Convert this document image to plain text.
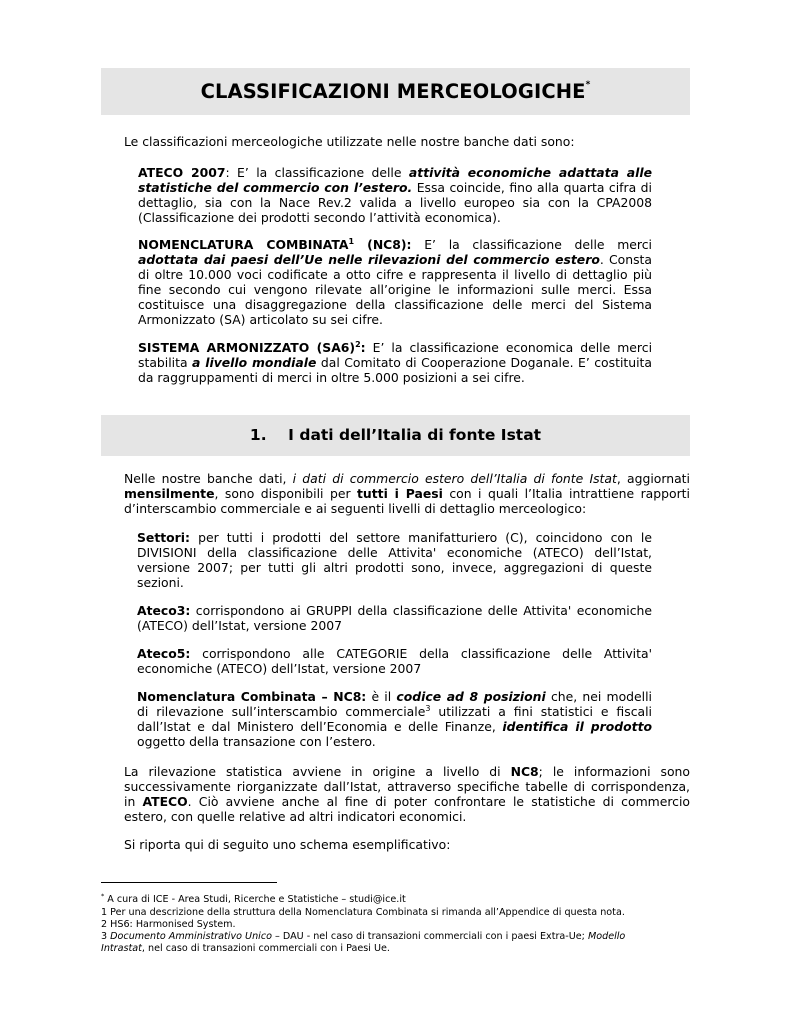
CLASSIFICAZIONI MERCEOLOGICHE*
Le classificazioni merceologiche utilizzate nelle nostre banche dati sono:
ATECO 2007: E’ la classificazione delle attività economiche adattata alle statistiche del commercio con l’estero. Essa coincide, fino alla quarta cifra di dettaglio, sia con la Nace Rev.2 valida a livello europeo sia con la CPA2008 (Classificazione dei prodotti secondo l’attività economica).
NOMENCLATURA COMBINATA$^1$ (NC8): E’ la classificazione delle merci adottata dai paesi dell’Ue nelle rilevazioni del commercio estero. Consta di oltre 10.000 voci codificate a otto cifre e rappresenta il livello di dettaglio più fine secondo cui vengono rilevate all’origine le informazioni sulle merci. Essa costituisce una disaggregazione della classificazione delle merci del Sistema Armonizzato (SA) articolato su sei cifre.
SISTEMA ARMONIZZATO (SA6)$^2$: E’ la classificazione economica delle merci stabilita a livello mondiale dal Comitato di Cooperazione Doganale. E’ costituita da raggruppamenti di merci in oltre 5.000 posizioni a sei cifre.
1.    I dati dell’Italia di fonte Istat
Nelle nostre banche dati, i dati di commercio estero dell’Italia di fonte Istat, aggiornati mensilmente, sono disponibili per tutti i Paesi con i quali l’Italia intrattiene rapporti d’interscambio commerciale e ai seguenti livelli di dettaglio merceologico:
Settori: per tutti i prodotti del settore manifatturiero (C), coincidono con le DIVISIONI della classificazione delle Attivita' economiche (ATECO) dell’Istat, versione 2007; per tutti gli altri prodotti sono, invece, aggregazioni di queste sezioni.
Ateco3: corrispondono ai GRUPPI della classificazione delle Attivita' economiche (ATECO) dell’Istat, versione 2007
Ateco5: corrispondono alle CATEGORIE della classificazione delle Attivita' economiche (ATECO) dell’Istat, versione 2007
Nomenclatura Combinata – NC8: è il codice ad 8 posizioni che, nei modelli di rilevazione sull’interscambio commerciale$^3$ utilizzati a fini statistici e fiscali dall’Istat e dal Ministero dell’Economia e delle Finanze, identifica il prodotto oggetto della transazione con l’estero.
La rilevazione statistica avviene in origine a livello di NC8; le informazioni sono successivamente riorganizzate dall’Istat, attraverso specifiche tabelle di corrispondenza, in ATECO. Ciò avviene anche al fine di poter confrontare le statistiche di commercio estero, con quelle relative ad altri indicatori economici.
Si riporta qui di seguito uno schema esemplificativo:
* A cura di ICE - Area Studi, Ricerche e Statistiche – studi@ice.it
1 Per una descrizione della struttura della Nomenclatura Combinata si rimanda all’Appendice di questa nota.
2 HS6: Harmonised System.
3 Documento Amministrativo Unico – DAU - nel caso di transazioni commerciali con i paesi Extra-Ue; Modello Intrastat, nel caso di transazioni commerciali con i Paesi Ue.
